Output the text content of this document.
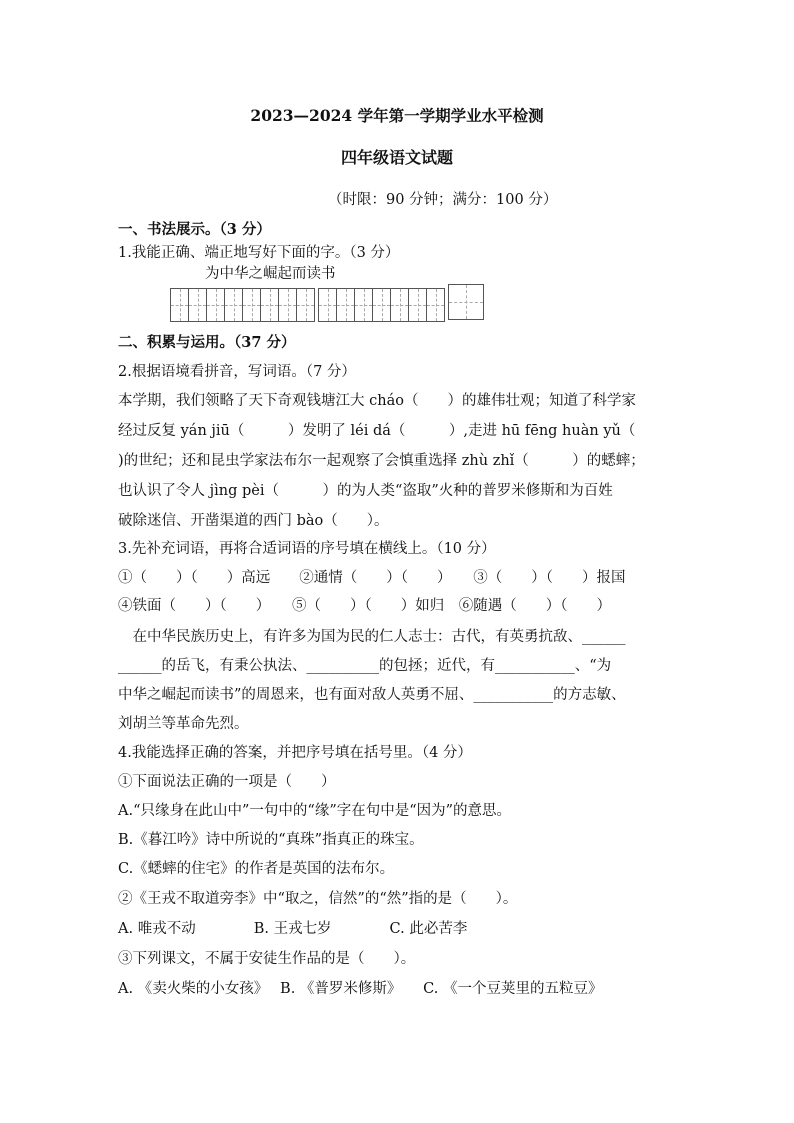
2023—2024 学年第一学期学业水平检测
四年级语文试题
（时限：90 分钟；满分：100 分）
一、书法展示。（3 分）
1.我能正确、端正地写好下面的字。（3 分）
为中华之崛起而读书
二、积累与运用。（37 分）
2.根据语境看拼音，写词语。（7 分）
本学期，我们领略了天下奇观钱塘江大 cháo（　　）的雄伟壮观；知道了科学家
经过反复 yán jiū（　　　）发明了 léi dá（　　　）,走进 hū fēng huàn yǔ（
)的世纪；还和昆虫学家法布尔一起观察了会慎重选择 zhù zhǐ（　　　）的蟋蟀；
也认识了令人 jìng pèi（　　　）的为人类“盗取”火种的普罗米修斯和为百姓
破除迷信、开凿渠道的西门 bào（　　）。
3.先补充词语，再将合适词语的序号填在横线上。（10 分）
①（　　）（　　）高远　　②通情（　　）（　　）　　③（　　）（　　）报国
④铁面（　　）（　　）　　⑤（　　）（　　）如归　⑥随遇（　　）（　　）
　在中华民族历史上，有许多为国为民的仁人志士：古代，有英勇抗敌、______
______的岳飞，有秉公执法、__________的包拯；近代，有___________、“为
中华之崛起而读书”的周恩来，也有面对敌人英勇不屈、___________的方志敏、
刘胡兰等革命先烈。
4.我能选择正确的答案，并把序号填在括号里。（4 分）
①下面说法正确的一项是（　　）
A.“只缘身在此山中”一句中的“缘”字在句中是“因为”的意思。
B.《暮江吟》诗中所说的“真珠”指真正的珠宝。
C.《蟋蟀的住宅》的作者是英国的法布尔。
②《王戎不取道旁李》中“取之，信然”的“然”指的是（　　）。
A. 唯戎不动　　　　B. 王戎七岁　　　　C. 此必苦李
③下列课文，不属于安徒生作品的是（　　）。
A. 《卖火柴的小女孩》　 B. 《普罗米修斯》　　C. 《一个豆荚里的五粒豆》
